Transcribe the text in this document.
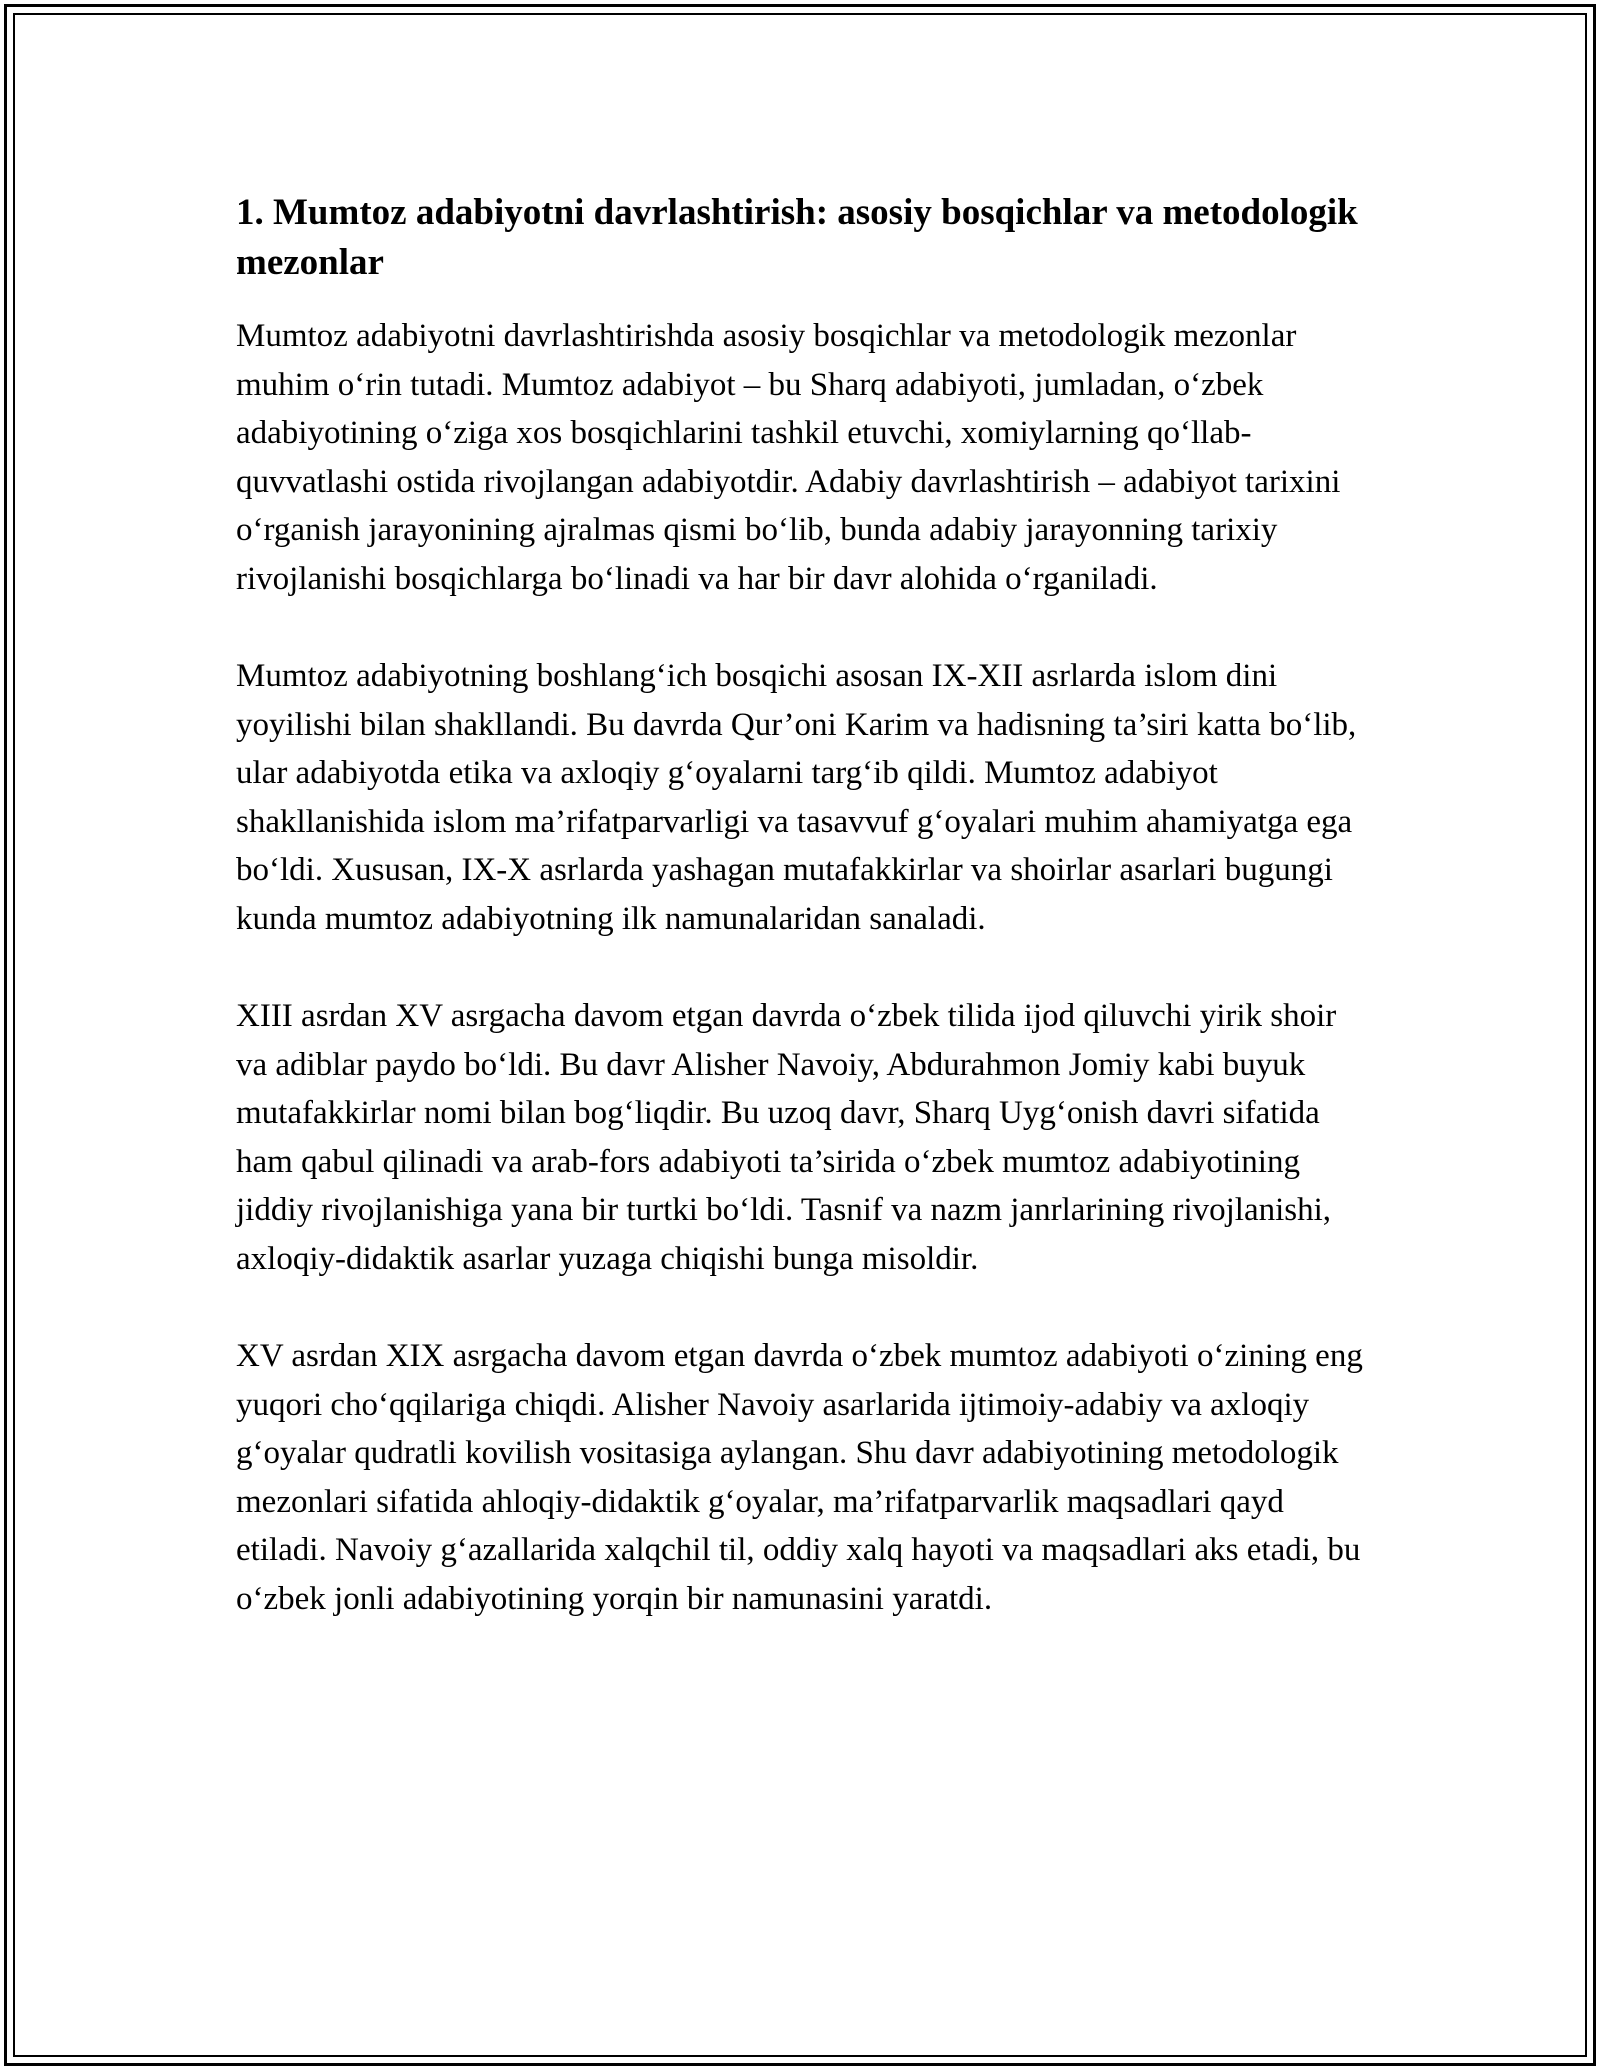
1. Mumtoz adabiyotni davrlashtirish: asosiy bosqichlar va metodologik mezonlar

Mumtoz adabiyotni davrlashtirishda asosiy bosqichlar va metodologik mezonlar muhim o‘rin tutadi. Mumtoz adabiyot – bu Sharq adabiyoti, jumladan, o‘zbek adabiyotining o‘ziga xos bosqichlarini tashkil etuvchi, xomiylarning qo‘llab-quvvatlashi ostida rivojlangan adabiyotdir. Adabiy davrlashtirish – adabiyot tarixini o‘rganish jarayonining ajralmas qismi bo‘lib, bunda adabiy jarayonning tarixiy rivojlanishi bosqichlarga bo‘linadi va har bir davr alohida o‘rganiladi.

Mumtoz adabiyotning boshlang‘ich bosqichi asosan IX-XII asrlarda islom dini yoyilishi bilan shakllandi. Bu davrda Qur’oni Karim va hadisning ta’siri katta bo‘lib, ular adabiyotda etika va axloqiy g‘oyalarni targ‘ib qildi. Mumtoz adabiyot shakllanishida islom ma’rifatparvarligi va tasavvuf g‘oyalari muhim ahamiyatga ega bo‘ldi. Xususan, IX-X asrlarda yashagan mutafakkirlar va shoirlar asarlari bugungi kunda mumtoz adabiyotning ilk namunalaridan sanaladi.

XIII asrdan XV asrgacha davom etgan davrda o‘zbek tilida ijod qiluvchi yirik shoir va adiblar paydo bo‘ldi. Bu davr Alisher Navoiy, Abdurahmon Jomiy kabi buyuk mutafakkirlar nomi bilan bog‘liqdir. Bu uzoq davr, Sharq Uyg‘onish davri sifatida ham qabul qilinadi va arab-fors adabiyoti ta’sirida o‘zbek mumtoz adabiyotining jiddiy rivojlanishiga yana bir turtki bo‘ldi. Tasnif va nazm janrlarining rivojlanishi, axloqiy-didaktik asarlar yuzaga chiqishi bunga misoldir.

XV asrdan XIX asrgacha davom etgan davrda o‘zbek mumtoz adabiyoti o‘zining eng yuqori cho‘qqilariga chiqdi. Alisher Navoiy asarlarida ijtimoiy-adabiy va axloqiy g‘oyalar qudratli kovilish vositasiga aylangan. Shu davr adabiyotining metodologik mezonlari sifatida ahloqiy-didaktik g‘oyalar, ma’rifatparvarlik maqsadlari qayd etiladi. Navoiy g‘azallarida xalqchil til, oddiy xalq hayoti va maqsadlari aks etadi, bu o‘zbek jonli adabiyotining yorqin bir namunasini yaratdi.
